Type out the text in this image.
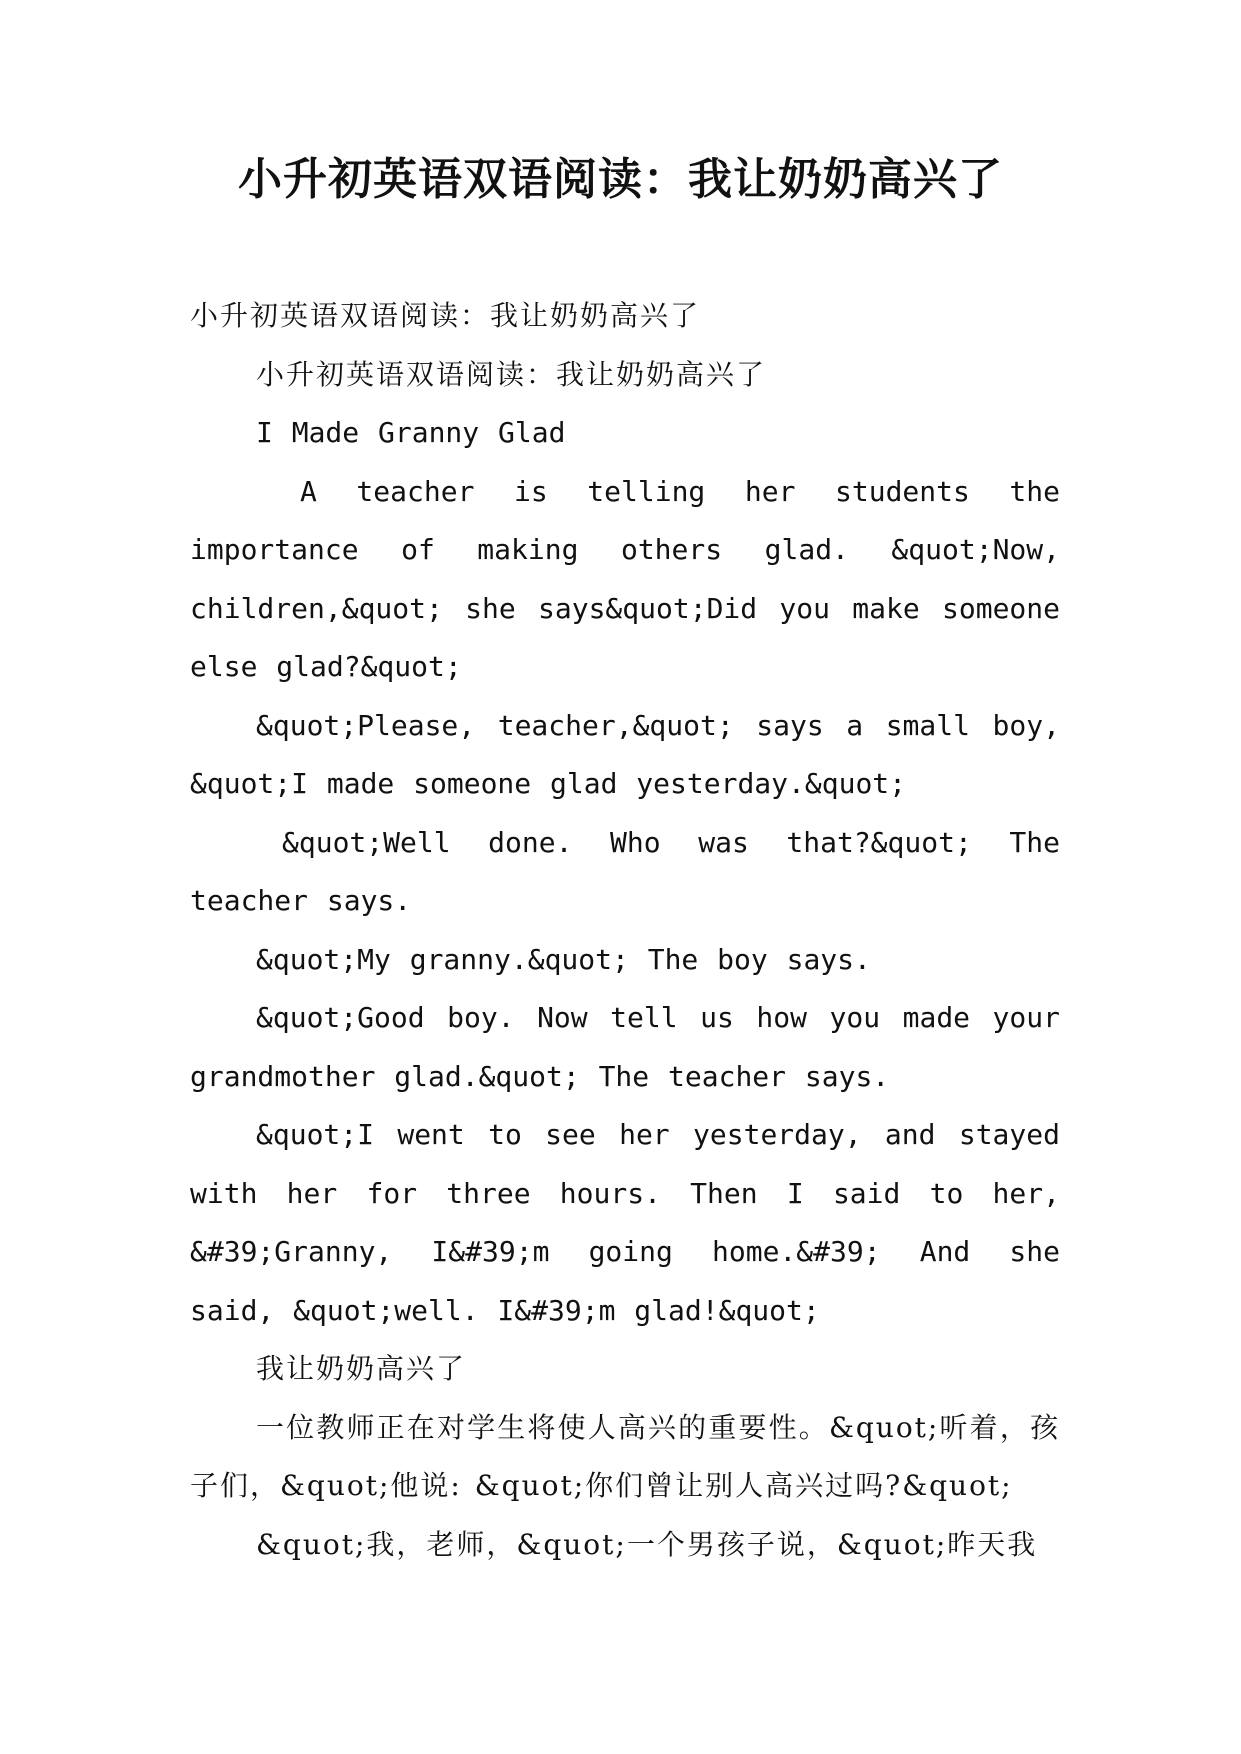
小升初英语双语阅读：我让奶奶高兴了

小升初英语双语阅读：我让奶奶高兴了

小升初英语双语阅读：我让奶奶高兴了

I Made Granny Glad

A teacher is telling her students the importance of making others glad. &quot;Now, children,&quot; she says&quot;Did you make someone else glad?&quot;

&quot;Please, teacher,&quot; says a small boy, &quot;I made someone glad yesterday.&quot;

&quot;Well done. Who was that?&quot; The teacher says.

&quot;My granny.&quot; The boy says.

&quot;Good boy. Now tell us how you made your grandmother glad.&quot; The teacher says.

&quot;I went to see her yesterday, and stayed with her for three hours. Then I said to her, &#39;Granny, I&#39;m going home.&#39; And she said, &quot;well. I&#39;m glad!&quot;

我让奶奶高兴了

一位教师正在对学生将使人高兴的重要性。&quot;听着，孩子们，&quot;他说: &quot;你们曾让别人高兴过吗?&quot;

&quot;我，老师，&quot;一个男孩子说，&quot;昨天我
